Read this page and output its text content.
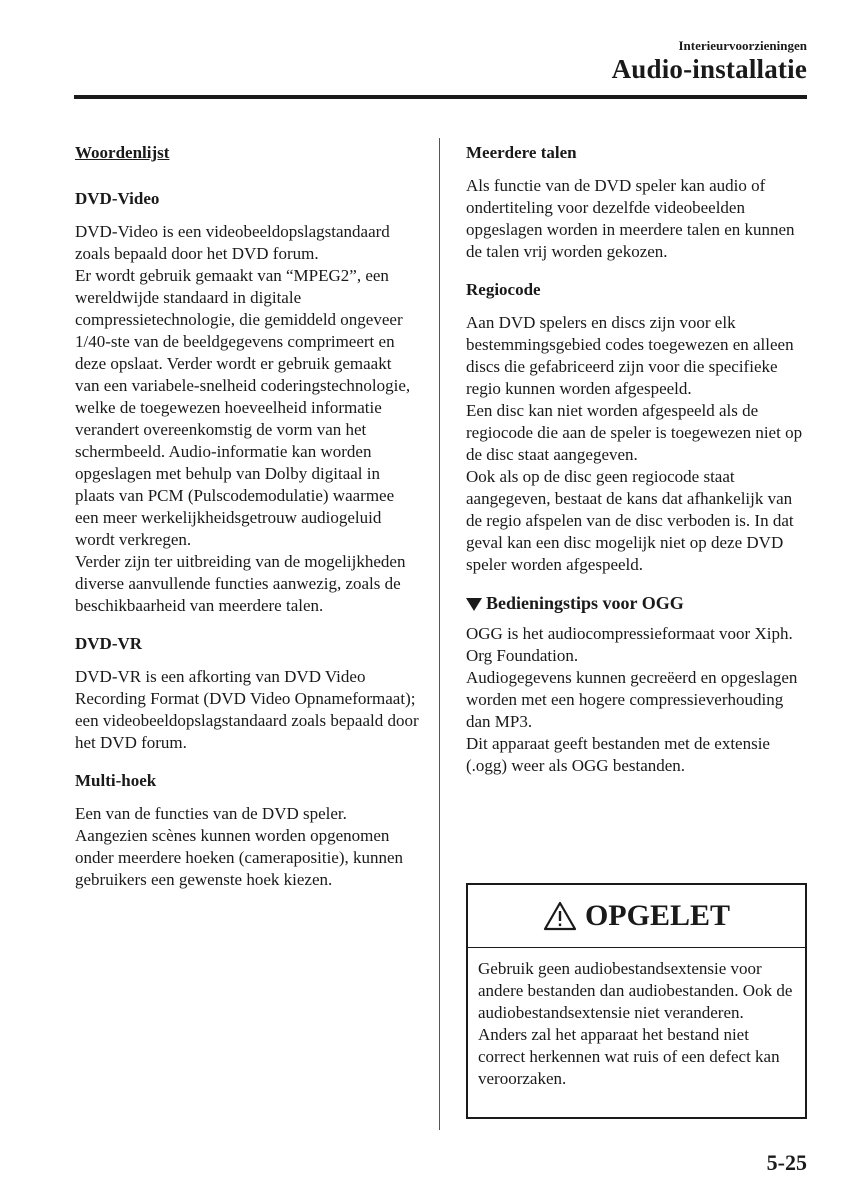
Interieurvoorzieningen
Audio-installatie

Woordenlijst

DVD-Video

DVD-Video is een videobeeldopslagstandaard zoals bepaald door het DVD forum.

Er wordt gebruik gemaakt van “MPEG2”, een wereldwijde standaard in digitale compressietechnologie, die gemiddeld ongeveer 1/40-ste van de beeldgegevens comprimeert en deze opslaat. Verder wordt er gebruik gemaakt van een variabele-snelheid coderingstechnologie, welke de toegewezen hoeveelheid informatie verandert overeenkomstig de vorm van het schermbeeld. Audio-informatie kan worden opgeslagen met behulp van Dolby digitaal in plaats van PCM (Pulscodemodulatie) waarmee een meer werkelijkheidsgetrouw audiogeluid wordt verkregen.

Verder zijn ter uitbreiding van de mogelijkheden diverse aanvullende functies aanwezig, zoals de beschikbaarheid van meerdere talen.

DVD-VR

DVD-VR is een afkorting van DVD Video Recording Format (DVD Video Opnameformaat); een videobeeldopslagstandaard zoals bepaald door het DVD forum.

Multi-hoek

Een van de functies van de DVD speler. Aangezien scènes kunnen worden opgenomen onder meerdere hoeken (camerapositie), kunnen gebruikers een gewenste hoek kiezen.

Meerdere talen

Als functie van de DVD speler kan audio of ondertiteling voor dezelfde videobeelden opgeslagen worden in meerdere talen en kunnen de talen vrij worden gekozen.

Regiocode

Aan DVD spelers en discs zijn voor elk bestemmingsgebied codes toegewezen en alleen discs die gefabriceerd zijn voor die specifieke regio kunnen worden afgespeeld.

Een disc kan niet worden afgespeeld als de regiocode die aan de speler is toegewezen niet op de disc staat aangegeven.

Ook als op de disc geen regiocode staat aangegeven, bestaat de kans dat afhankelijk van de regio afspelen van de disc verboden is. In dat geval kan een disc mogelijk niet op deze DVD speler worden afgespeeld.

Bedieningstips voor OGG

OGG is het audiocompressieformaat voor Xiph. Org Foundation.

Audiogegevens kunnen gecreëerd en opgeslagen worden met een hogere compressieverhouding dan MP3.

Dit apparaat geeft bestanden met de extensie (.ogg) weer als OGG bestanden.

OPGELET
Gebruik geen audiobestandsextensie voor andere bestanden dan audiobestanden. Ook de audiobestandsextensie niet veranderen. Anders zal het apparaat het bestand niet correct herkennen wat ruis of een defect kan veroorzaken.
5-25
